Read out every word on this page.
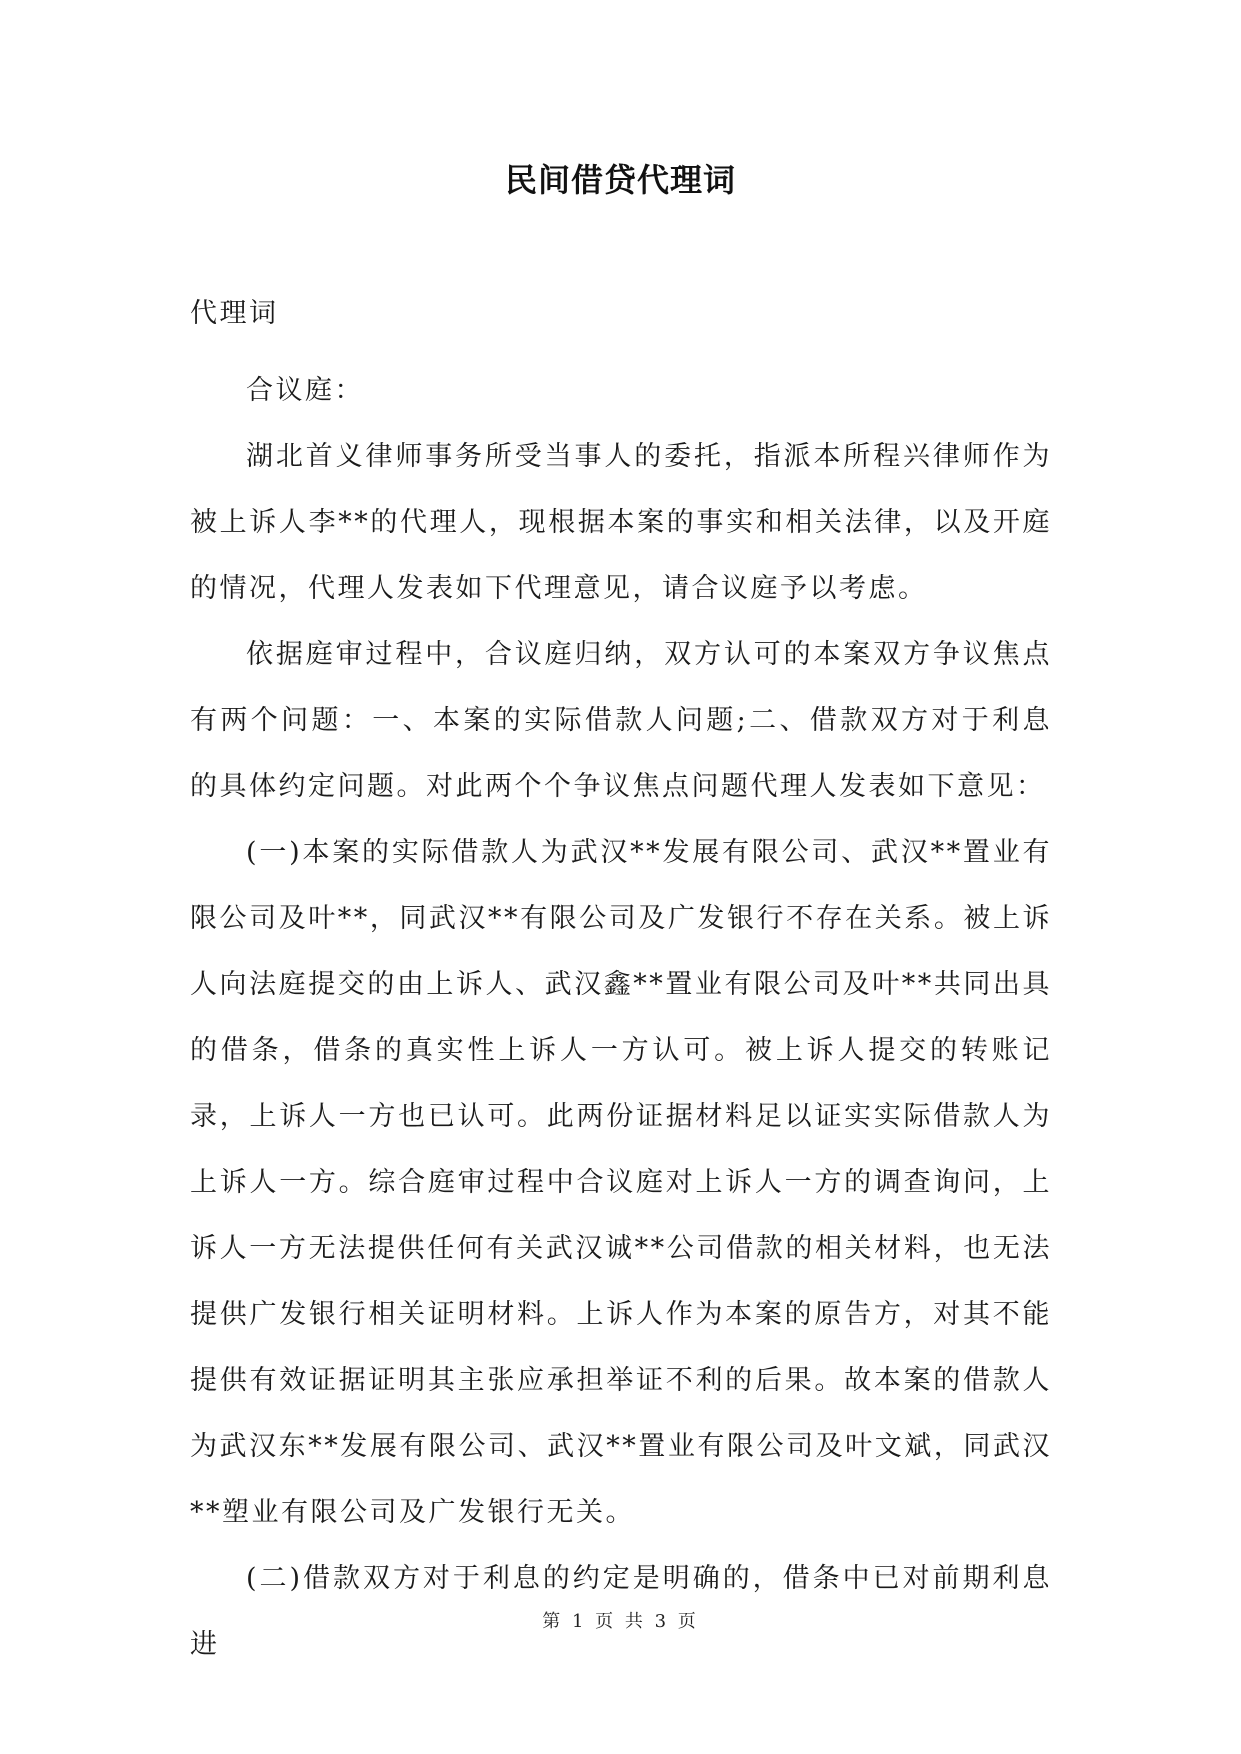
民间借贷代理词

代理词

合议庭：

湖北首义律师事务所受当事人的委托，指派本所程兴律师作为被上诉人李**的代理人，现根据本案的事实和相关法律，以及开庭的情况，代理人发表如下代理意见，请合议庭予以考虑。

依据庭审过程中，合议庭归纳，双方认可的本案双方争议焦点有两个问题：一、本案的实际借款人问题;二、借款双方对于利息的具体约定问题。对此两个个争议焦点问题代理人发表如下意见：

(一)本案的实际借款人为武汉**发展有限公司、武汉**置业有限公司及叶**，同武汉**有限公司及广发银行不存在关系。被上诉人向法庭提交的由上诉人、武汉鑫**置业有限公司及叶**共同出具的借条，借条的真实性上诉人一方认可。被上诉人提交的转账记录，上诉人一方也已认可。此两份证据材料足以证实实际借款人为上诉人一方。综合庭审过程中合议庭对上诉人一方的调查询问，上诉人一方无法提供任何有关武汉诚**公司借款的相关材料，也无法提供广发银行相关证明材料。上诉人作为本案的原告方，对其不能提供有效证据证明其主张应承担举证不利的后果。故本案的借款人为武汉东**发展有限公司、武汉**置业有限公司及叶文斌，同武汉**塑业有限公司及广发银行无关。

(二)借款双方对于利息的约定是明确的，借条中已对前期利息进

第 1 页 共 3 页
